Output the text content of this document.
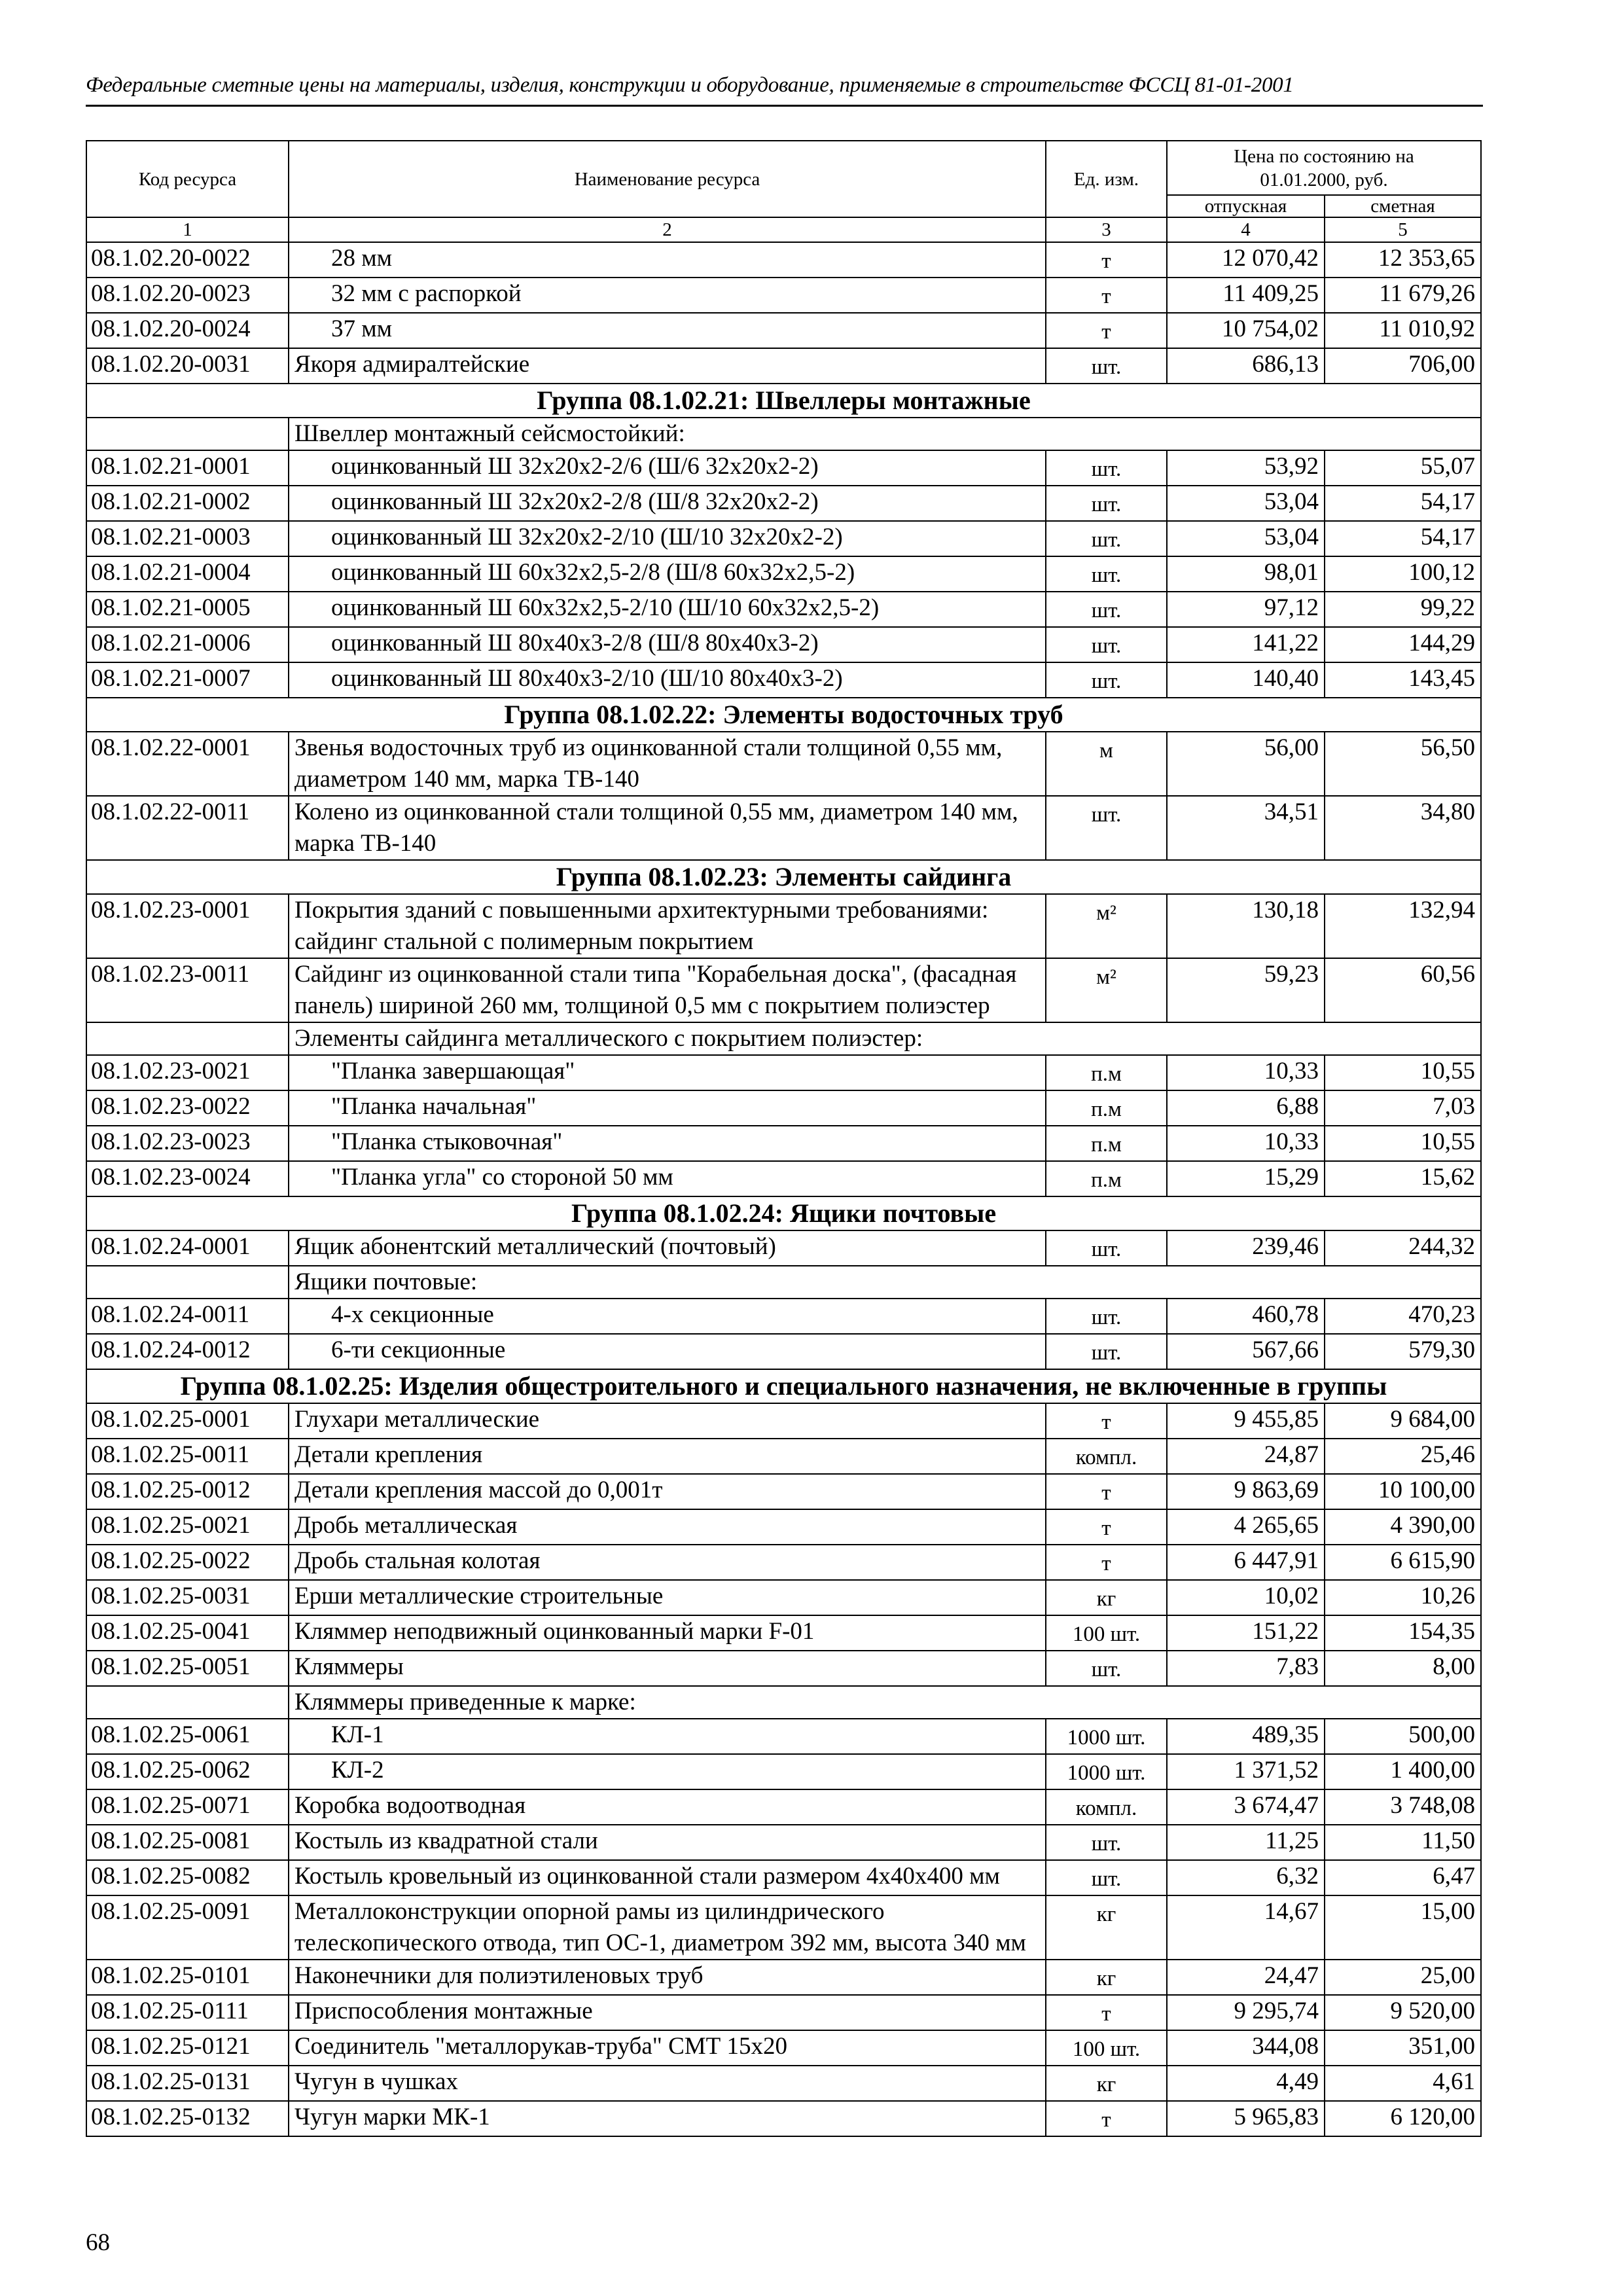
Федеральные сметные цены на материалы, изделия, конструкции и оборудование, применяемые в строительстве ФССЦ 81-01-2001
Код ресурса	Наименование ресурса	Ед. изм.	Цена по состоянию на 01.01.2000, руб.	
			отпускная	сметная
1	2	3	4	5
08.1.02.20-0022	28 мм	т	12 070,42	12 353,65
08.1.02.20-0023	32 мм с распоркой	т	11 409,25	11 679,26
08.1.02.20-0024	37 мм	т	10 754,02	11 010,92
08.1.02.20-0031	Якоря адмиралтейские	шт.	686,13	706,00
Группа 08.1.02.21: Швеллеры монтажные				
	Швеллер монтажный сейсмостойкий:			
08.1.02.21-0001	оцинкованный Ш 32х20х2-2/6 (Ш/6 32х20х2-2)	шт.	53,92	55,07
08.1.02.21-0002	оцинкованный Ш 32х20х2-2/8 (Ш/8 32х20х2-2)	шт.	53,04	54,17
08.1.02.21-0003	оцинкованный Ш 32х20х2-2/10 (Ш/10 32х20х2-2)	шт.	53,04	54,17
08.1.02.21-0004	оцинкованный Ш 60х32х2,5-2/8 (Ш/8 60х32х2,5-2)	шт.	98,01	100,12
08.1.02.21-0005	оцинкованный Ш 60х32х2,5-2/10 (Ш/10 60х32х2,5-2)	шт.	97,12	99,22
08.1.02.21-0006	оцинкованный Ш 80х40х3-2/8 (Ш/8 80х40х3-2)	шт.	141,22	144,29
08.1.02.21-0007	оцинкованный Ш 80х40х3-2/10 (Ш/10 80х40х3-2)	шт.	140,40	143,45
Группа 08.1.02.22: Элементы водосточных труб				
08.1.02.22-0001	Звенья водосточных труб из оцинкованной стали толщиной 0,55 мм, диаметром 140 мм, марка ТВ-140	м	56,00	56,50
08.1.02.22-0011	Колено из оцинкованной стали толщиной 0,55 мм, диаметром 140 мм, марка ТВ-140	шт.	34,51	34,80
Группа 08.1.02.23: Элементы сайдинга				
08.1.02.23-0001	Покрытия зданий с повышенными архитектурными требованиями: сайдинг стальной с полимерным покрытием	м²	130,18	132,94
08.1.02.23-0011	Сайдинг из оцинкованной стали типа "Корабельная доска", (фасадная панель) шириной 260 мм, толщиной 0,5 мм с покрытием полиэстер	м²	59,23	60,56
	Элементы сайдинга металлического с покрытием полиэстер:			
08.1.02.23-0021	"Планка завершающая"	п.м	10,33	10,55
08.1.02.23-0022	"Планка начальная"	п.м	6,88	7,03
08.1.02.23-0023	"Планка стыковочная"	п.м	10,33	10,55
08.1.02.23-0024	"Планка угла" со стороной 50 мм	п.м	15,29	15,62
Группа 08.1.02.24: Ящики почтовые				
08.1.02.24-0001	Ящик абонентский металлический (почтовый)	шт.	239,46	244,32
	Ящики почтовые:			
08.1.02.24-0011	4-х секционные	шт.	460,78	470,23
08.1.02.24-0012	6-ти секционные	шт.	567,66	579,30
Группа 08.1.02.25: Изделия общестроительного и специального назначения, не включенные в группы				
08.1.02.25-0001	Глухари металлические	т	9 455,85	9 684,00
08.1.02.25-0011	Детали крепления	компл.	24,87	25,46
08.1.02.25-0012	Детали крепления массой до 0,001т	т	9 863,69	10 100,00
08.1.02.25-0021	Дробь металлическая	т	4 265,65	4 390,00
08.1.02.25-0022	Дробь стальная колотая	т	6 447,91	6 615,90
08.1.02.25-0031	Ерши металлические строительные	кг	10,02	10,26
08.1.02.25-0041	Кляммер неподвижный оцинкованный марки F-01	100 шт.	151,22	154,35
08.1.02.25-0051	Кляммеры	шт.	7,83	8,00
	Кляммеры приведенные к марке:			
08.1.02.25-0061	КЛ-1	1000 шт.	489,35	500,00
08.1.02.25-0062	КЛ-2	1000 шт.	1 371,52	1 400,00
08.1.02.25-0071	Коробка водоотводная	компл.	3 674,47	3 748,08
08.1.02.25-0081	Костыль из квадратной стали	шт.	11,25	11,50
08.1.02.25-0082	Костыль кровельный из оцинкованной стали размером 4х40х400 мм	шт.	6,32	6,47
08.1.02.25-0091	Металлоконструкции опорной рамы из цилиндрического телескопического отвода, тип ОС-1, диаметром 392 мм, высота 340 мм	кг	14,67	15,00
08.1.02.25-0101	Наконечники для полиэтиленовых труб	кг	24,47	25,00
08.1.02.25-0111	Приспособления монтажные	т	9 295,74	9 520,00
08.1.02.25-0121	Соединитель "металлорукав-труба" СМТ 15х20	100 шт.	344,08	351,00
08.1.02.25-0131	Чугун в чушках	кг	4,49	4,61
08.1.02.25-0132	Чугун марки МК-1	т	5 965,83	6 120,00
68
